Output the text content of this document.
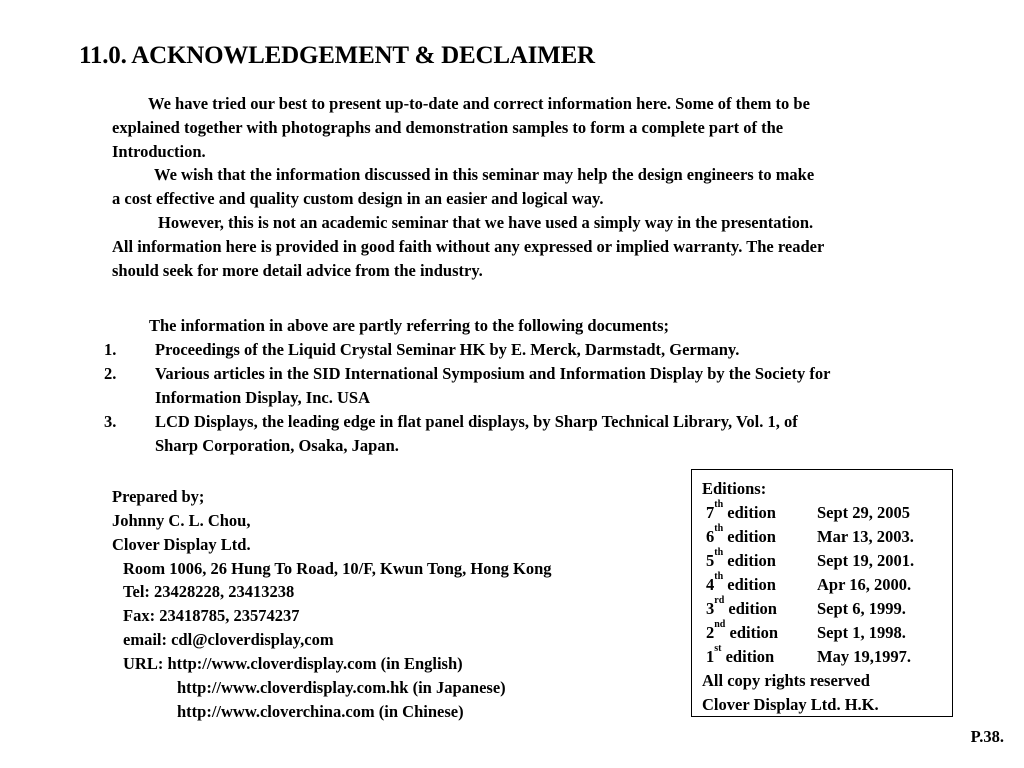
11.0. ACKNOWLEDGEMENT & DECLAIMER
We have tried our best to present up-to-date and correct information here. Some of them to be
explained together with photographs and demonstration samples to form a complete part of the
Introduction.
We wish that the information discussed in this seminar may help the design engineers to make
a cost effective and quality custom design in an easier and logical way.
However, this is not an academic seminar that we have used a simply way in the presentation.
All information here is provided in good faith without any expressed or implied warranty. The reader
should seek for more detail advice from the industry.
The information in above are partly referring to the following documents;
1. Proceedings of the Liquid Crystal Seminar HK by E. Merck, Darmstadt, Germany.
2. Various articles in the SID International Symposium and Information Display by the Society for
Information Display, Inc. USA
3. LCD Displays, the leading edge in flat panel displays, by Sharp Technical Library, Vol. 1, of
Sharp Corporation, Osaka, Japan.
Prepared by;
Johnny C. L. Chou,
Clover Display Ltd.
Room 1006, 26 Hung To Road, 10/F, Kwun Tong, Hong Kong
Tel: 23428228, 23413238
Fax: 23418785, 23574237
email: cdl@cloverdisplay,com
URL: http://www.cloverdisplay.com (in English)
http://www.cloverdisplay.com.hk (in Japanese)
http://www.cloverchina.com (in Chinese)
Editions:
7th edition Sept 29, 2005
6th edition Mar 13, 2003.
5th edition Sept 19, 2001.
4th edition Apr 16, 2000.
3rd edition Sept 6, 1999.
2nd edition Sept 1, 1998.
1st edition	May 19,1997.
All copy rights reserved
Clover Display Ltd. H.K.
P.38.
